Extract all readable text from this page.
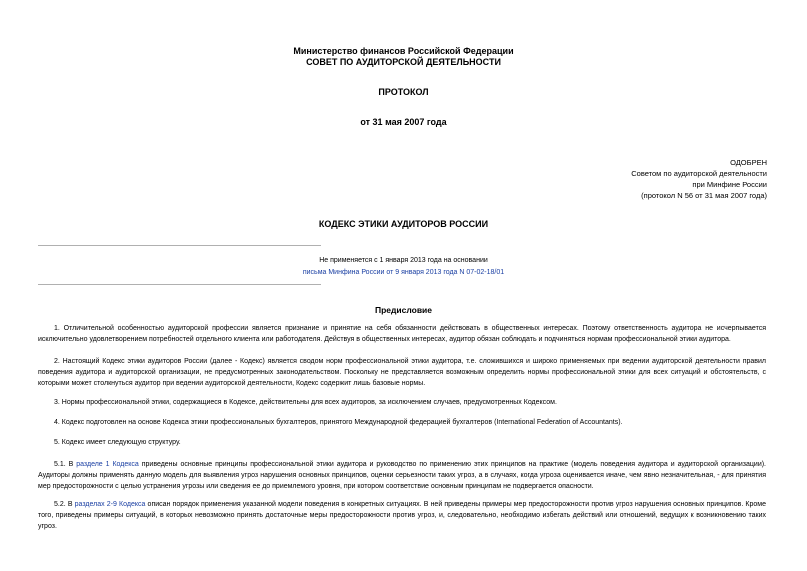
Министерство финансов Российской Федерации
СОВЕТ ПО АУДИТОРСКОЙ ДЕЯТЕЛЬНОСТИ
ПРОТОКОЛ
от 31 мая 2007 года
ОДОБРЕН
Советом по аудиторской деятельности
при Минфине России
(протокол N 56 от 31 мая 2007 года)
КОДЕКС ЭТИКИ АУДИТОРОВ РОССИИ
Не применяется с 1 января 2013 года на основании
письма Минфина России от 9 января 2013 года N 07-02-18/01
Предисловие
1. Отличительной особенностью аудиторской профессии является признание и принятие на себя обязанности действовать в общественных интересах. Поэтому ответственность аудитора не исчерпывается исключительно удовлетворением потребностей отдельного клиента или работодателя. Действуя в общественных интересах, аудитор обязан соблюдать и подчиняться нормам профессиональной этики аудитора.
2. Настоящий Кодекс этики аудиторов России (далее - Кодекс) является сводом норм профессиональной этики аудитора, т.е. сложившихся и широко применяемых при ведении аудиторской деятельности правил поведения аудитора и аудиторской организации, не предусмотренных законодательством. Поскольку не представляется возможным определить нормы профессиональной этики для всех ситуаций и обстоятельств, с которыми может столкнуться аудитор при ведении аудиторской деятельности, Кодекс содержит лишь базовые нормы.
3. Нормы профессиональной этики, содержащиеся в Кодексе, действительны для всех аудиторов, за исключением случаев, предусмотренных Кодексом.
4. Кодекс подготовлен на основе Кодекса этики профессиональных бухгалтеров, принятого Международной федерацией бухгалтеров (International Federation of Accountants).
5. Кодекс имеет следующую структуру.
5.1. В разделе 1 Кодекса приведены основные принципы профессиональной этики аудитора и руководство по применению этих принципов на практике (модель поведения аудитора и аудиторской организации). Аудиторы должны применять данную модель для выявления угроз нарушения основных принципов, оценки серьезности таких угроз, а в случаях, когда угроза оценивается иначе, чем явно незначительная, - для принятия мер предосторожности с целью устранения угрозы или сведения ее до приемлемого уровня, при котором соответствие основным принципам не подвергается опасности.
5.2. В разделах 2-9 Кодекса описан порядок применения указанной модели поведения в конкретных ситуациях. В ней приведены примеры мер предосторожности против угроз нарушения основных принципов. Кроме того, приведены примеры ситуаций, в которых невозможно принять достаточные меры предосторожности против угроз, и, следовательно, необходимо избегать действий или отношений, ведущих к возникновению таких угроз.
